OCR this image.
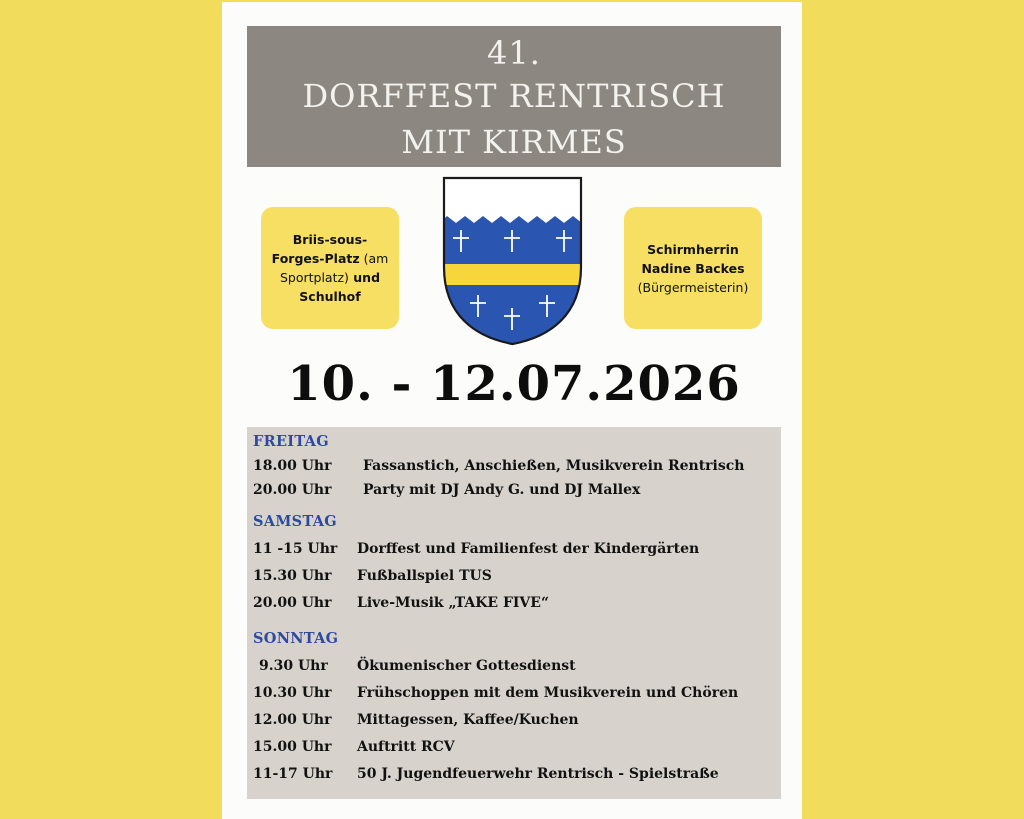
41.
DORFFEST RENTRISCH
MIT KIRMES
Briis-sous-
Forges-Platz (am
Sportplatz) und
Schulhof
Schirmherrin
Nadine Backes
(Bürgermeisterin)
10. - 12.07.2026
FREITAG
18.00 Uhr Fassanstich, Anschießen, Musikverein Rentrisch
20.00 Uhr Party mit DJ Andy G. und DJ Mallex
SAMSTAG
11 -15 Uhr Dorffest und Familienfest der Kindergärten
15.30 Uhr Fußballspiel TUS
20.00 Uhr Live-Musik „TAKE FIVE“
SONNTAG
9.30 Uhr Ökumenischer Gottesdienst
10.30 Uhr Frühschoppen mit dem Musikverein und Chören
12.00 Uhr Mittagessen, Kaffee/Kuchen
15.00 Uhr Auftritt RCV
11-17 Uhr 50 J. Jugendfeuerwehr Rentrisch - Spielstraße
